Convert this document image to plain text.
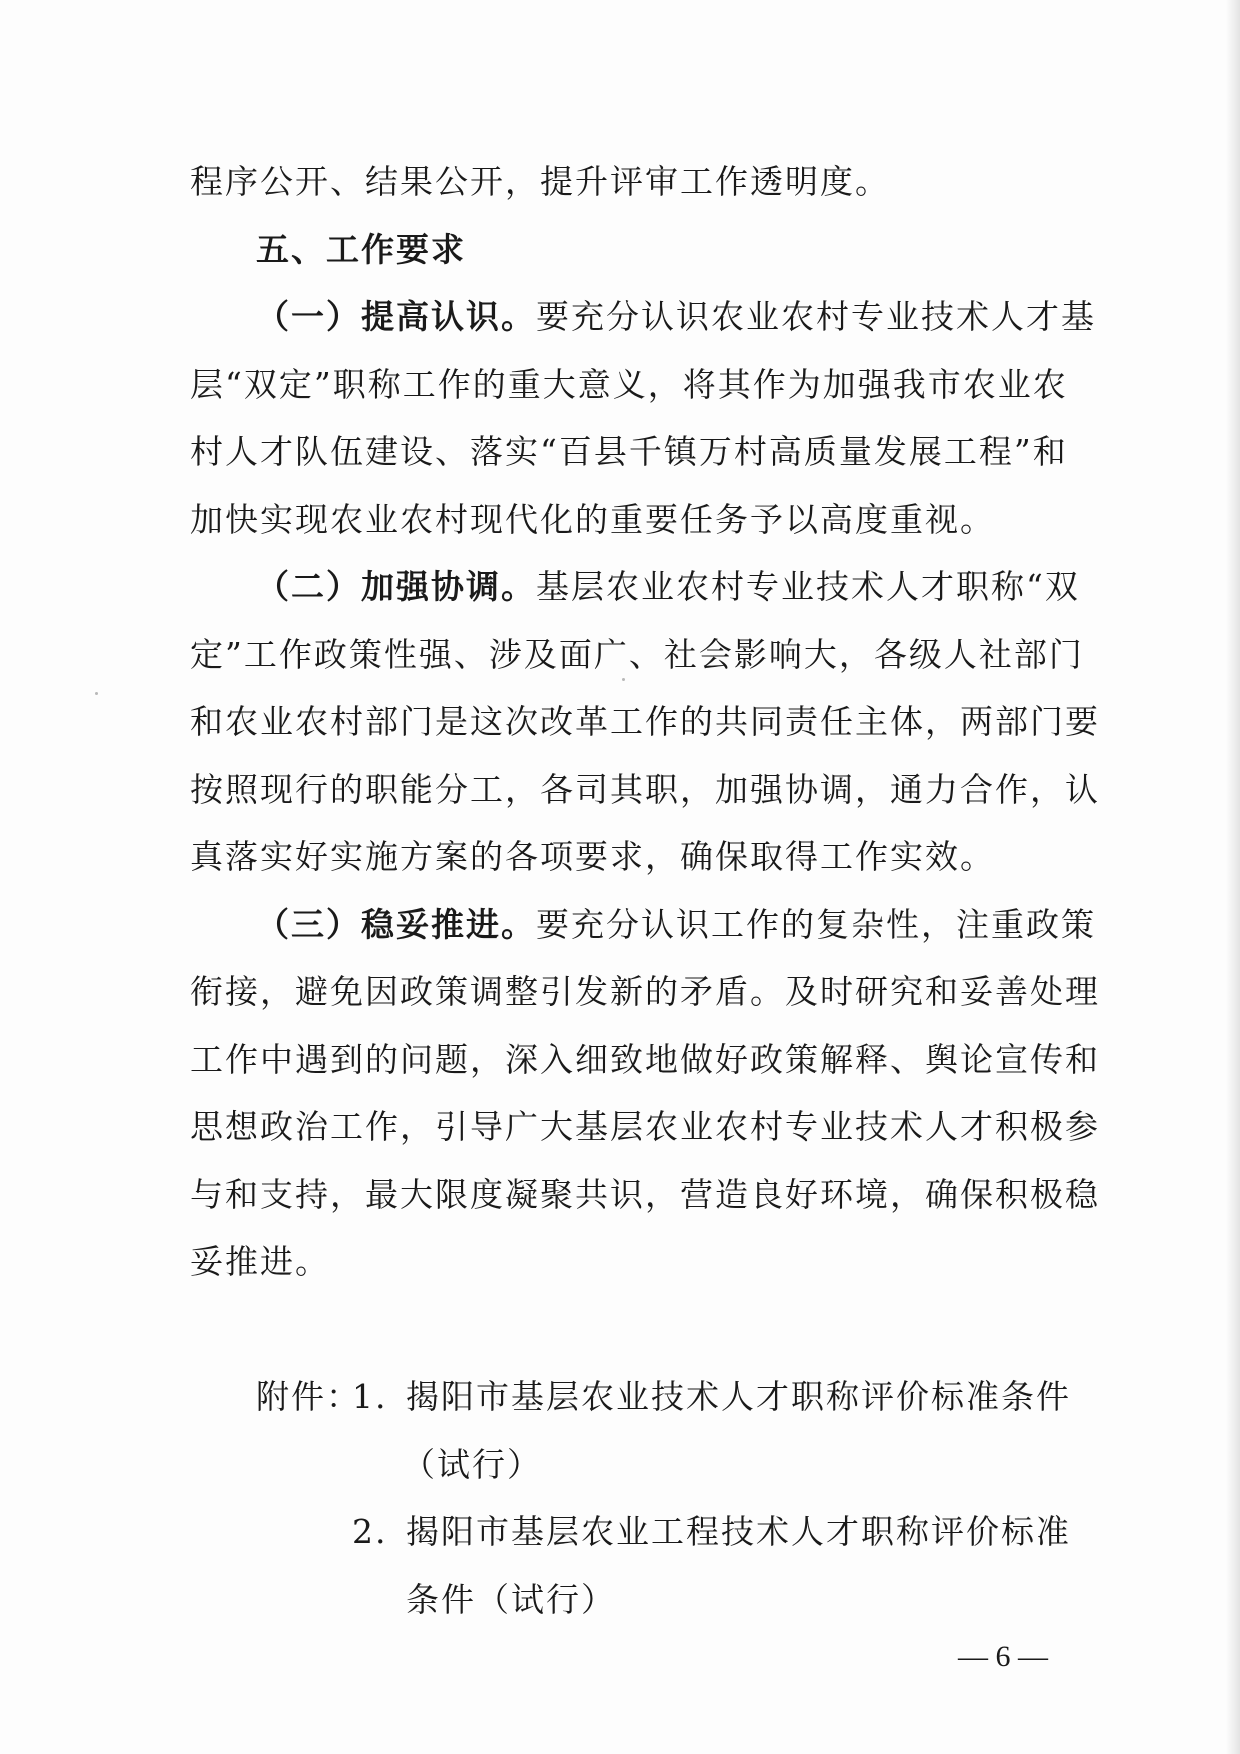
程序公开、结果公开，提升评审工作透明度。
五、工作要求
（一）提高认识。要充分认识农业农村专业技术人才基
层“双定”职称工作的重大意义，将其作为加强我市农业农
村人才队伍建设、落实“百县千镇万村高质量发展工程”和
加快实现农业农村现代化的重要任务予以高度重视。
（二）加强协调。基层农业农村专业技术人才职称“双
定”工作政策性强、涉及面广、社会影响大，各级人社部门
和农业农村部门是这次改革工作的共同责任主体，两部门要
按照现行的职能分工，各司其职，加强协调，通力合作，认
真落实好实施方案的各项要求，确保取得工作实效。
（三）稳妥推进。要充分认识工作的复杂性，注重政策
衔接，避免因政策调整引发新的矛盾。及时研究和妥善处理
工作中遇到的问题，深入细致地做好政策解释、舆论宣传和
思想政治工作，引导广大基层农业农村专业技术人才积极参
与和支持，最大限度凝聚共识，营造良好环境，确保积极稳
妥推进。
附件：
1. 揭阳市基层农业技术人才职称评价标准条件
（试行）
2. 揭阳市基层农业工程技术人才职称评价标准
条件（试行）
— 6 —
